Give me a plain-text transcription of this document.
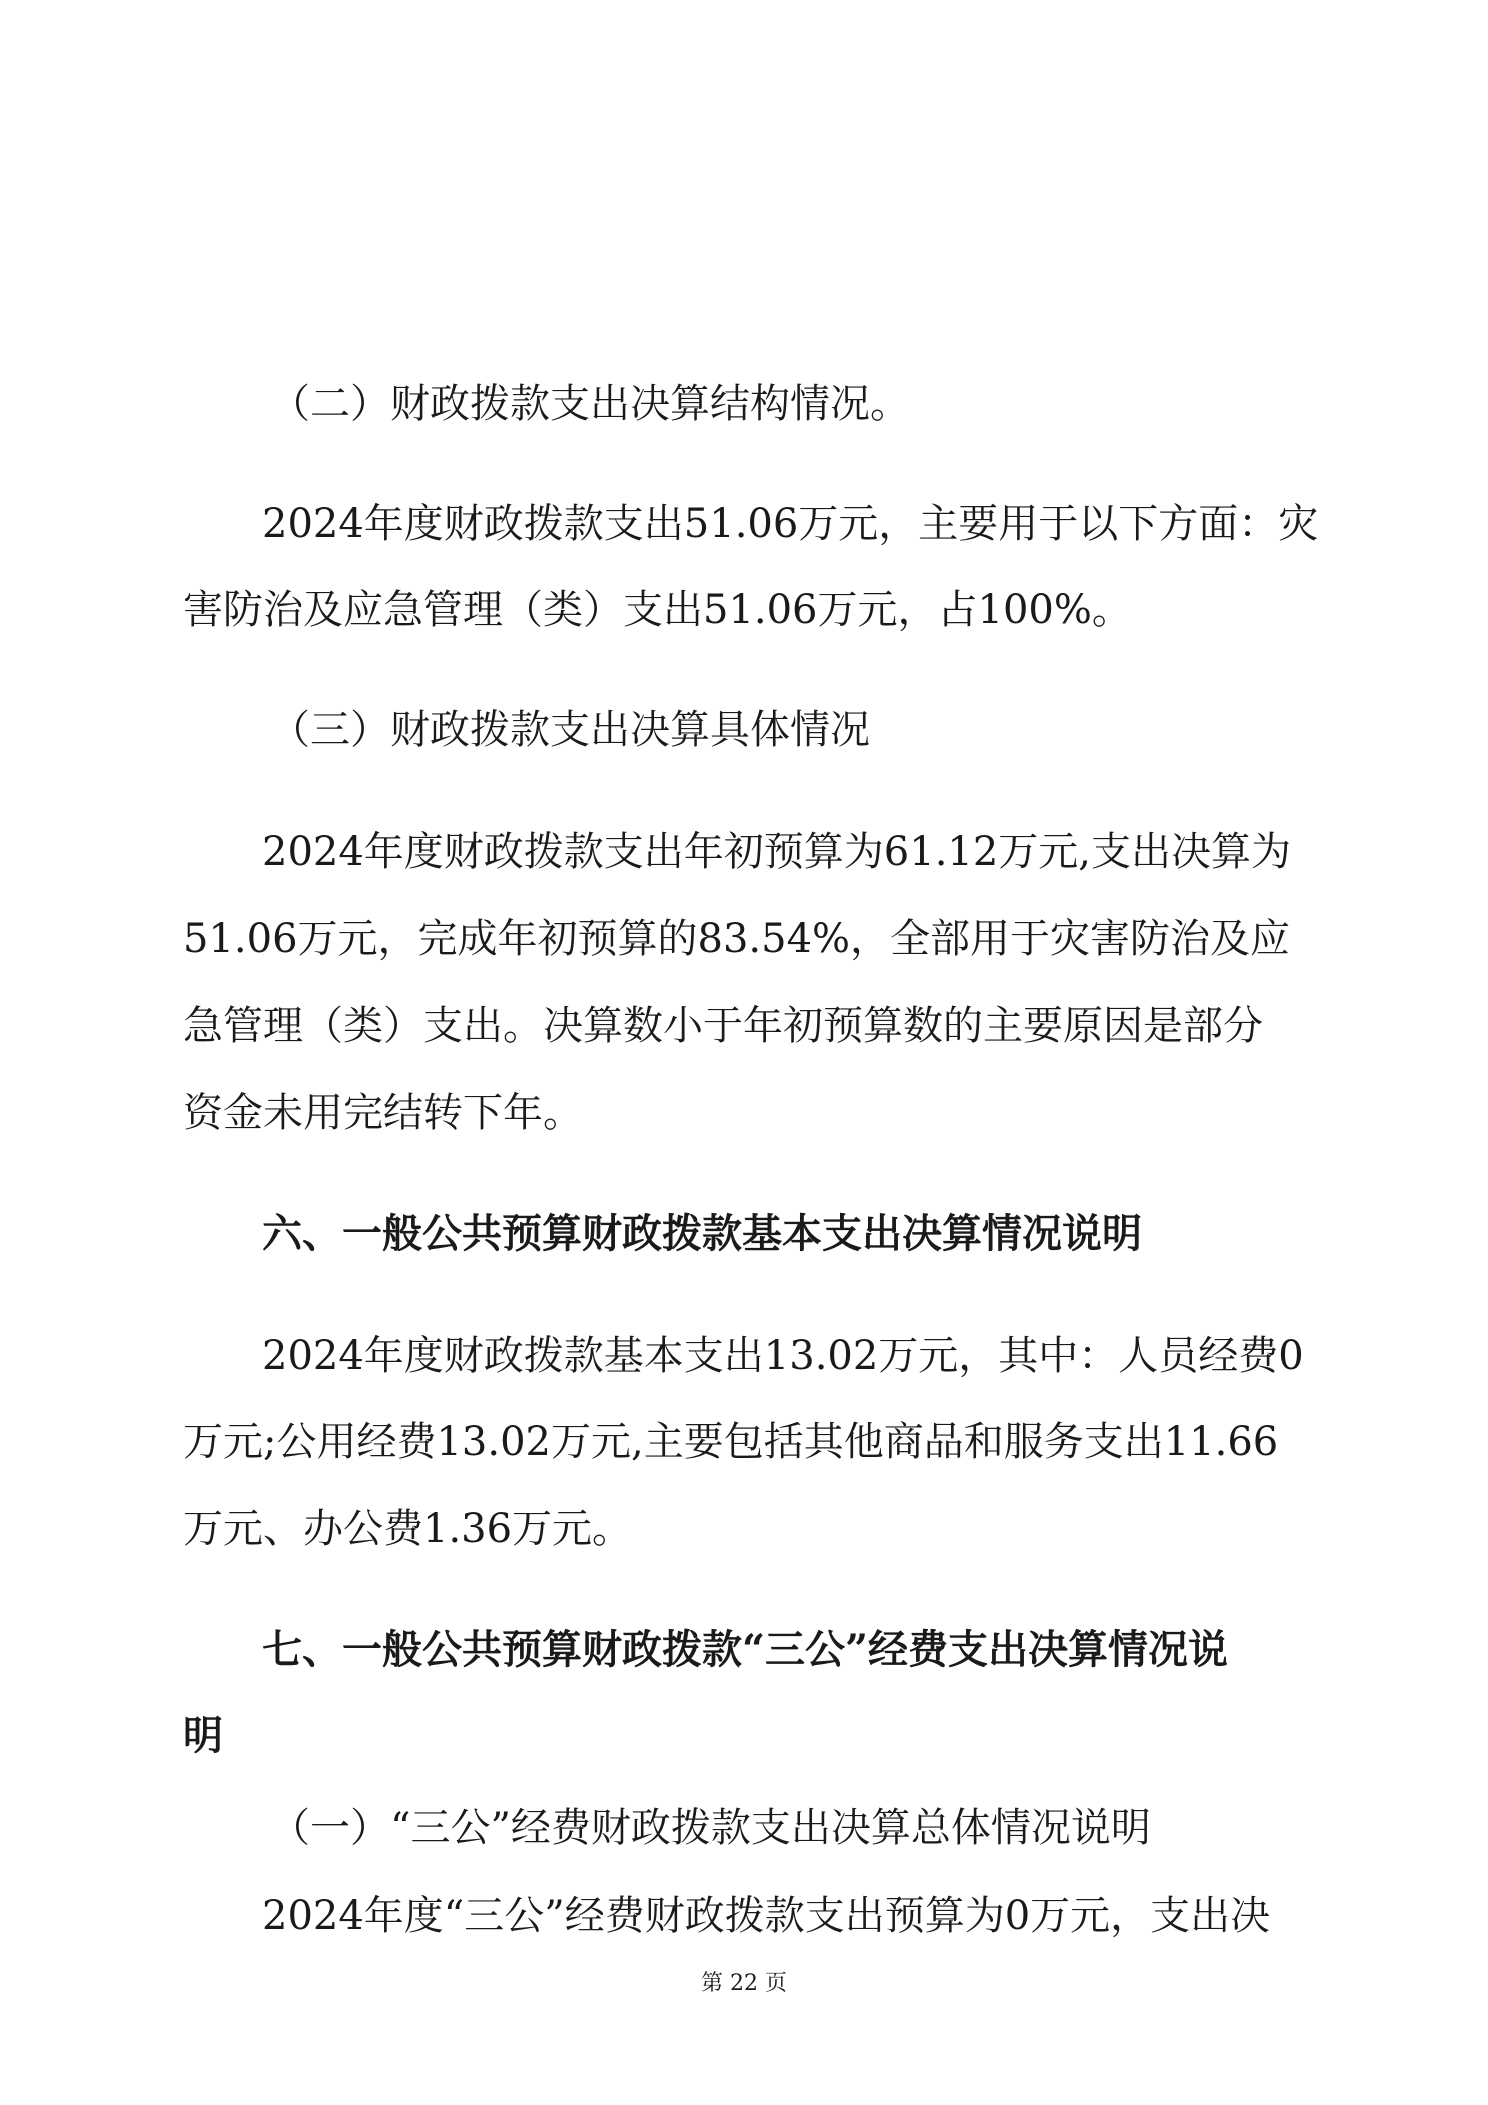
（二）财政拨款支出决算结构情况。

2024年度财政拨款支出51.06万元，主要用于以下方面：灾

害防治及应急管理（类）支出51.06万元，占100%。

（三）财政拨款支出决算具体情况

2024年度财政拨款支出年初预算为61.12万元,支出决算为

51.06万元，完成年初预算的83.54%，全部用于灾害防治及应

急管理（类）支出。决算数小于年初预算数的主要原因是部分

资金未用完结转下年。

六、一般公共预算财政拨款基本支出决算情况说明

2024年度财政拨款基本支出13.02万元，其中：人员经费0

万元;公用经费13.02万元,主要包括其他商品和服务支出11.66

万元、办公费1.36万元。

七、一般公共预算财政拨款“三公”经费支出决算情况说

明

（一）“三公”经费财政拨款支出决算总体情况说明

2024年度“三公”经费财政拨款支出预算为0万元，支出决

第 22 页
